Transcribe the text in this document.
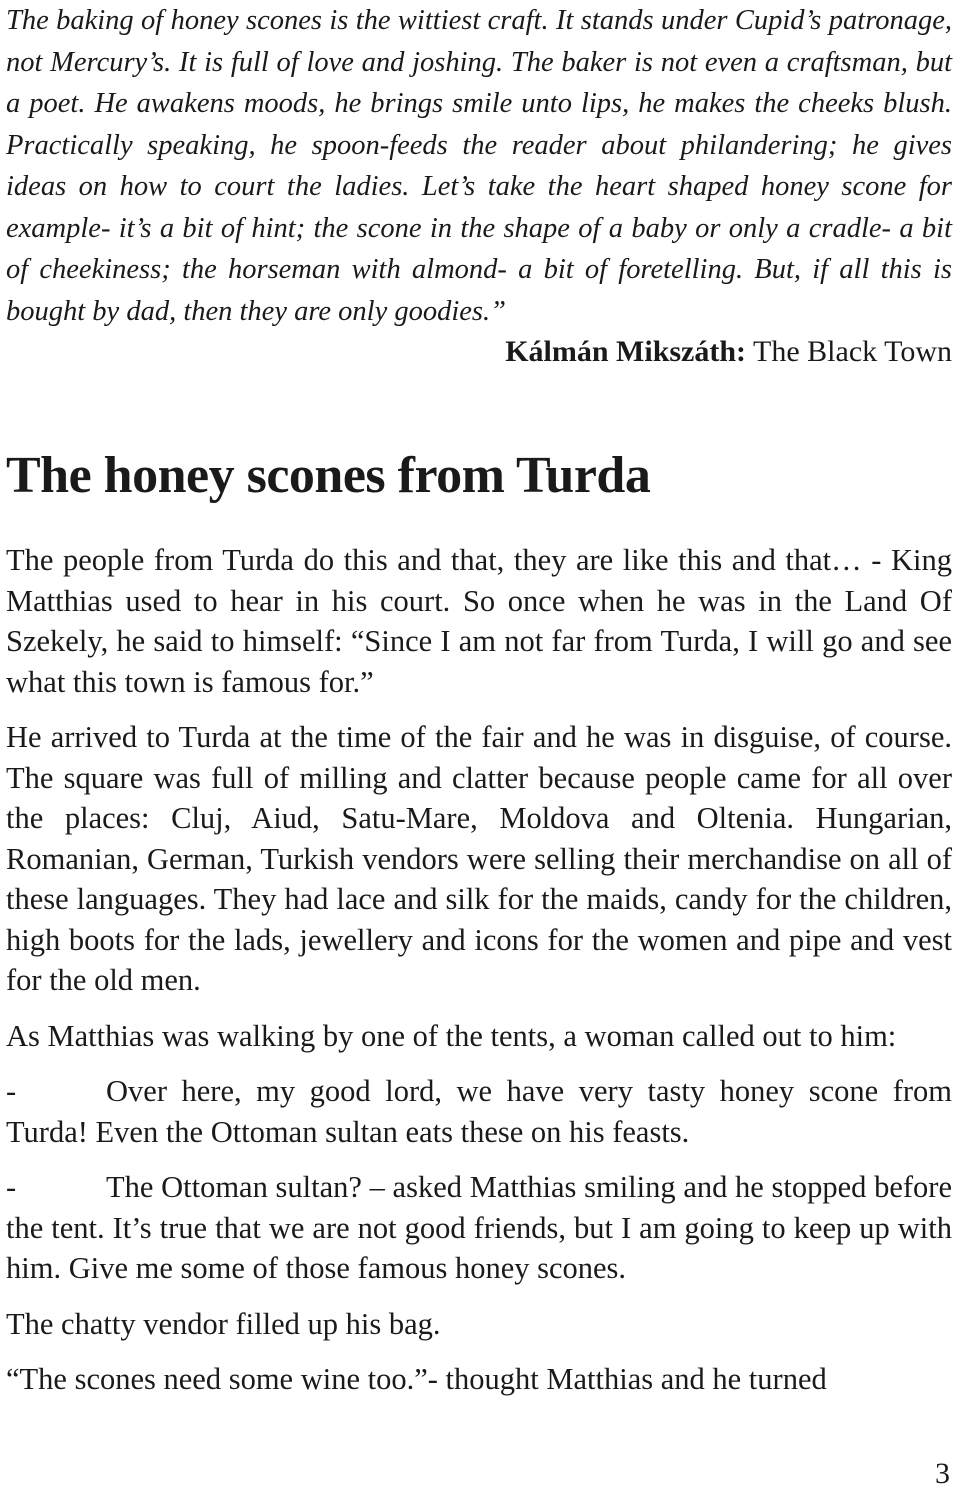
The baking of honey scones is the wittiest craft. It stands under Cupid’s patronage, not Mercury’s. It is full of love and joshing. The baker is not even a craftsman, but a poet. He awakens moods, he brings smile unto lips, he makes the cheeks blush. Practically speaking, he spoon-feeds the reader about philandering; he gives ideas on how to court the ladies. Let’s take the heart shaped honey scone for example- it’s a bit of hint; the scone in the shape of a baby or only a cradle- a bit of cheekiness; the horseman with almond- a bit of foretelling. But, if all this is bought by dad, then they are only goodies.”

Kálmán Mikszáth: The Black Town

The honey scones from Turda

The people from Turda do this and that, they are like this and that… - King Matthias used to hear in his court. So once when he was in the Land Of Szekely, he said to himself: “Since I am not far from Turda, I will go and see what this town is famous for.”

He arrived to Turda at the time of the fair and he was in disguise, of course. The square was full of milling and clatter because people came for all over the places: Cluj, Aiud, Satu-Mare, Moldova and Oltenia. Hungarian, Romanian, German, Turkish vendors were selling their merchandise on all of these languages. They had lace and silk for the maids, candy for the children, high boots for the lads, jewellery and icons for the women and pipe and vest for the old men.

As Matthias was walking by one of the tents, a woman called out to him:

-	Over here, my good lord, we have very tasty honey scone from Turda! Even the Ottoman sultan eats these on his feasts.

-	The Ottoman sultan? – asked Matthias smiling and he stopped before the tent. It’s true that we are not good friends, but I am going to keep up with him. Give me some of those famous honey scones.

The chatty vendor filled up his bag.

“The scones need some wine too.”- thought Matthias and he turned

3
